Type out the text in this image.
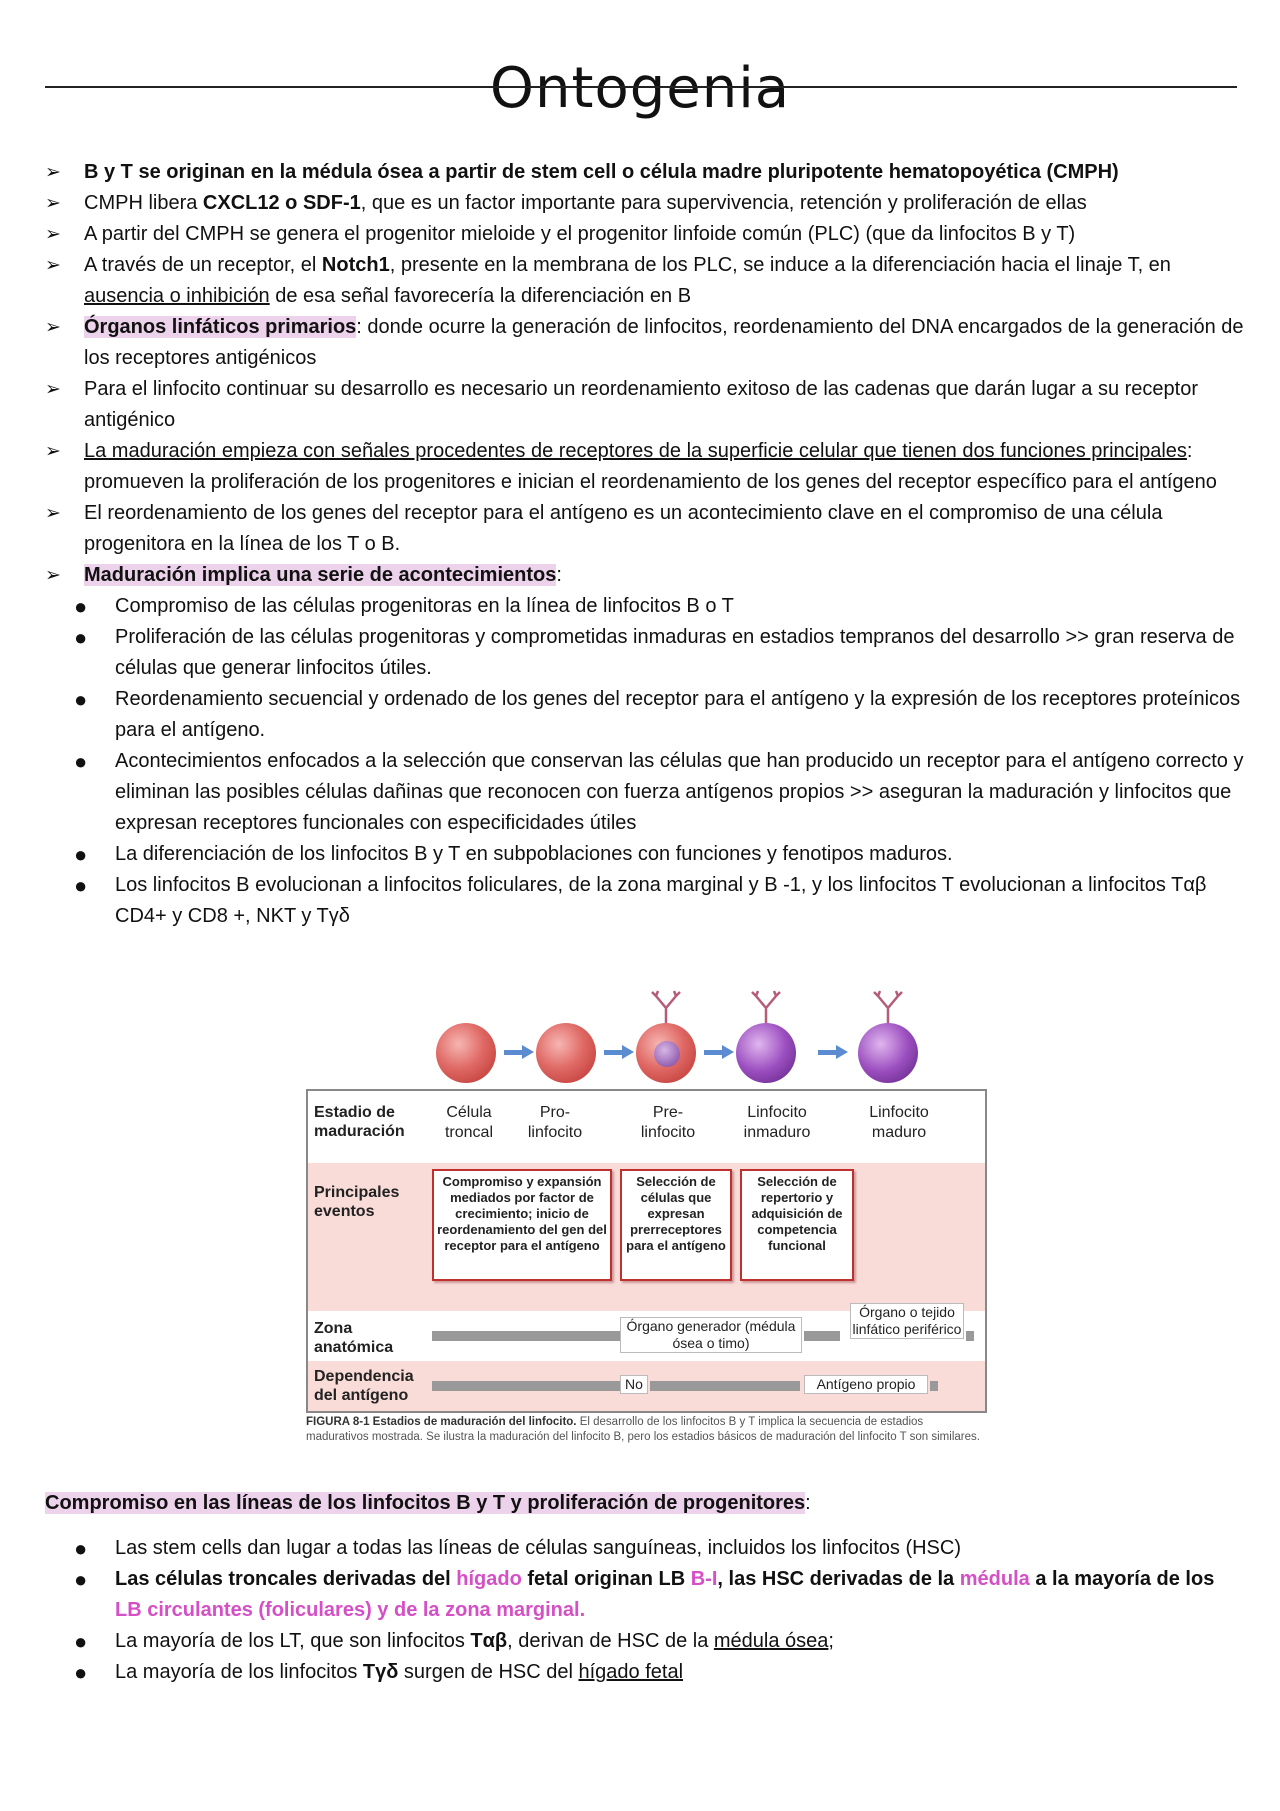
Ontogenia
➢ B y T se originan en la médula ósea a partir de stem cell o célula madre pluripotente hematopoyética (CMPH)
➢ CMPH libera CXCL12 o SDF-1, que es un factor importante para supervivencia, retención y proliferación de ellas
➢ A partir del CMPH se genera el progenitor mieloide y el progenitor linfoide común (PLC) (que da linfocitos B y T)
➢ A través de un receptor, el Notch1, presente en la membrana de los PLC, se induce a la diferenciación hacia el linaje T, en ausencia o inhibición de esa señal favorecería la diferenciación en B
➢ Órganos linfáticos primarios: donde ocurre la generación de linfocitos, reordenamiento del DNA encargados de la generación de los receptores antigénicos
➢ Para el linfocito continuar su desarrollo es necesario un reordenamiento exitoso de las cadenas que darán lugar a su receptor antigénico
➢ La maduración empieza con señales procedentes de receptores de la superficie celular que tienen dos funciones principales: promueven la proliferación de los progenitores e inician el reordenamiento de los genes del receptor específico para el antígeno
➢ El reordenamiento de los genes del receptor para el antígeno es un acontecimiento clave en el compromiso de una célula progenitora en la línea de los T o B.
➢ Maduración implica una serie de acontecimientos:
● Compromiso de las células progenitoras en la línea de linfocitos B o T
● Proliferación de las células progenitoras y comprometidas inmaduras en estadios tempranos del desarrollo >> gran reserva de células que generar linfocitos útiles.
● Reordenamiento secuencial y ordenado de los genes del receptor para el antígeno y la expresión de los receptores proteínicos para el antígeno.
● Acontecimientos enfocados a la selección que conservan las células que han producido un receptor para el antígeno correcto y eliminan las posibles células dañinas que reconocen con fuerza antígenos propios >> aseguran la maduración y linfocitos que expresan receptores funcionales con especificidades útiles
● La diferenciación de los linfocitos B y T en subpoblaciones con funciones y fenotipos maduros.
● Los linfocitos B evolucionan a linfocitos foliculares, de la zona marginal y B -1, y los linfocitos T evolucionan a linfocitos Tαβ CD4+ y CD8 +, NKT y Tγδ
Estadio de maduración
Célula troncal
Pro-linfocito
Pre-linfocito
Linfocito inmaduro
Linfocito maduro
Principales eventos
Compromiso y expansión mediados por factor de crecimiento; inicio de reordenamiento del gen del receptor para el antígeno
Selección de células que expresan prerreceptores para el antígeno
Selección de repertorio y adquisición de competencia funcional
Zona anatómica
Órgano generador (médula ósea o timo)
Órgano o tejido linfático periférico
Dependencia del antígeno
No	Antígeno propio
FIGURA 8-1 Estadios de maduración del linfocito. El desarrollo de los linfocitos B y T implica la secuencia de estadios madurativos mostrada. Se ilustra la maduración del linfocito B, pero los estadios básicos de maduración del linfocito T son similares.

Compromiso en las líneas de los linfocitos B y T y proliferación de progenitores:

● Las stem cells dan lugar a todas las líneas de células sanguíneas, incluidos los linfocitos (HSC)
● Las células troncales derivadas del hígado fetal originan LB B-I, las HSC derivadas de la médula a la mayoría de los LB circulantes (foliculares) y de la zona marginal.
● La mayoría de los LT, que son linfocitos Tαβ, derivan de HSC de la médula ósea;
● La mayoría de los linfocitos Tγδ surgen de HSC del hígado fetal
